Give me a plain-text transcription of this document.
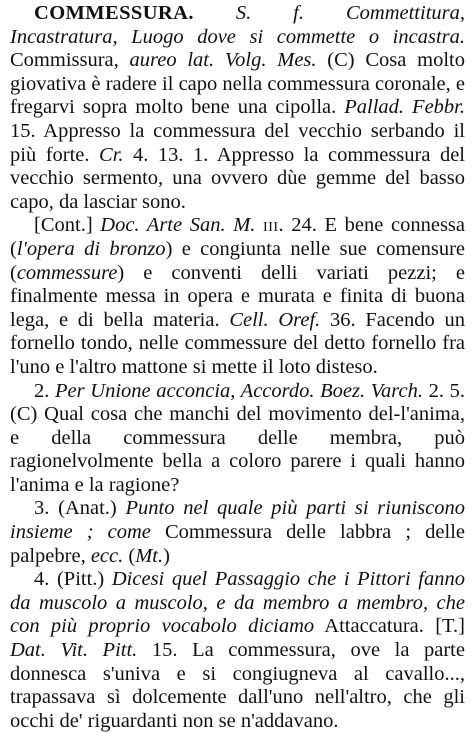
COMMESSURA. S. f. Commettitura, Incastratura, Luogo dove si commette o incastra. Commissura, aureo lat. Volg. Mes. (C) Cosa molto giovativa è radere il capo nella commessura coronale, e fregarvi sopra molto bene una cipolla. Pallad. Febbr. 15. Appresso la commessura del vecchio serbando il più forte. Cr. 4. 13. 1. Appresso la commessura del vecchio sermento, una ovvero dùe gemme del basso capo, da lasciar sono.

[Cont.] Doc. Arte San. M. iii. 24. E bene connessa (l'opera di bronzo) e congiunta nelle sue comensure (commessure) e conventi delli variati pezzi; e finalmente messa in opera e murata e finita di buona lega, e di bella materia. Cell. Oref. 36. Facendo un fornello tondo, nelle commessure del detto fornello fra l'uno e l'altro mattone si mette il loto disteso.

2. Per Unione acconcia, Accordo. Boez. Varch. 2. 5. (C) Qual cosa che manchi del movimento del-l'anima, e della commessura delle membra, può ragionelvolmente bella a coloro parere i quali hanno l'anima e la ragione?

3. (Anat.) Punto nel quale più parti si riuniscono insieme ; come Commessura delle labbra ; delle palpebre, ecc. (Mt.)

4. (Pitt.) Dicesi quel Passaggio che i Pittori fanno da muscolo a muscolo, e da membro a membro, che con più proprio vocabolo diciamo Attaccatura. [T.] Dat. Vit. Pitt. 15. La commessura, ove la parte donnesca s'univa e si congiugneva al cavallo..., trapassava sì dolcemente dall'uno nell'altro, che gli occhi de' riguardanti non se n'addavano.
